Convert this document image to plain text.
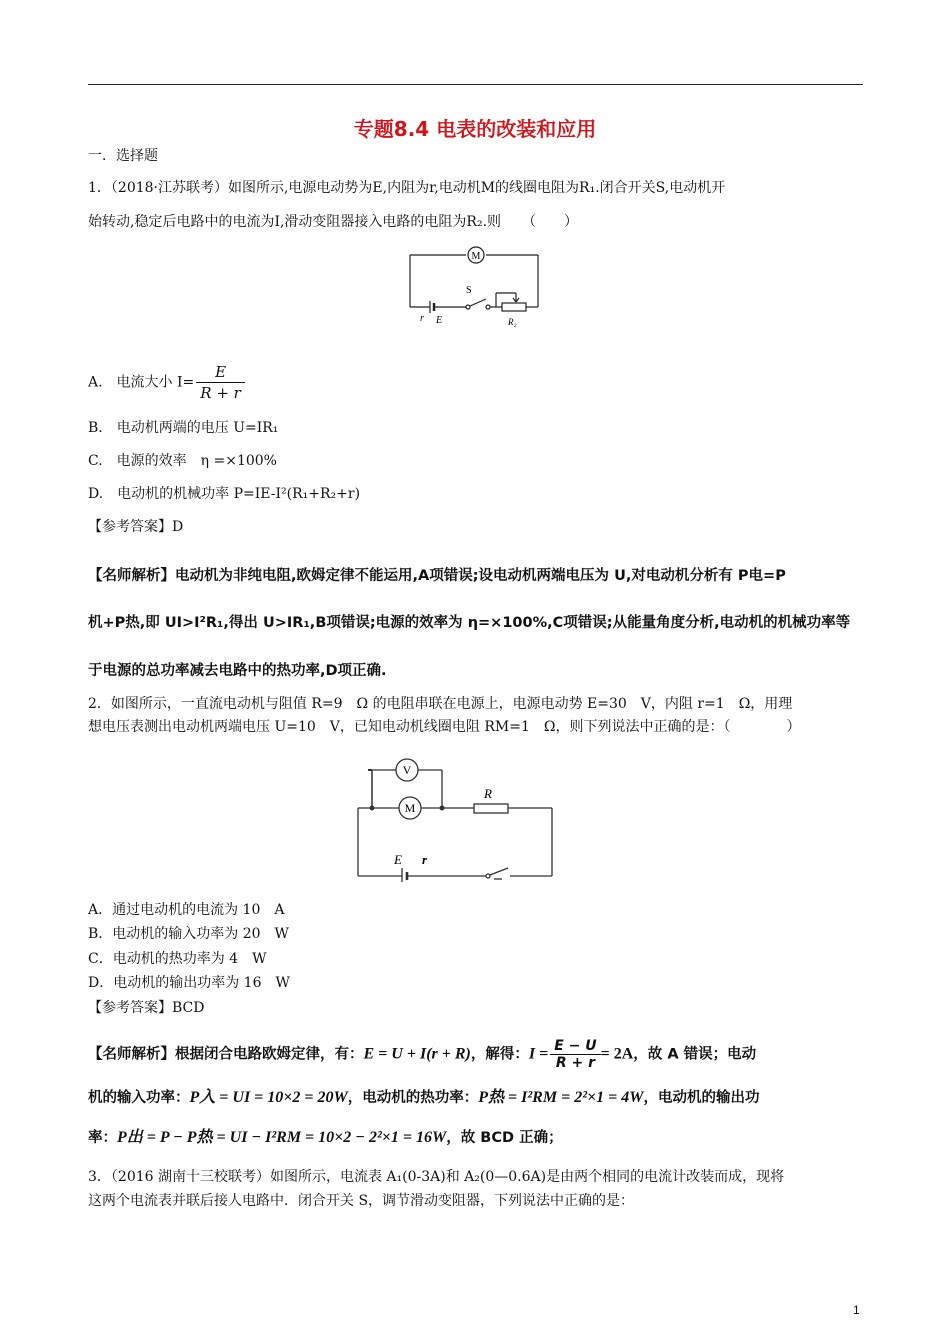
专题8.4 电表的改装和应用
一．选择题
1．（2018·江苏联考）如图所示,电源电动势为E,内阻为r,电动机M的线圈电阻为R₁.闭合开关S,电动机开
始转动,稳定后电路中的电流为I,滑动变阻器接入电路的电阻为R₂.则　　（　　）
M
S
r E	R₂
A.　电流大小 $I= \frac{E}{R + r}$
B.　电动机两端的电压 U=IR₁
C.　电源的效率　η =×100%
D.　电动机的机械功率 P=IE-I²(R₁+R₂+r)
【参考答案】D
【名师解析】电动机为非纯电阻,欧姆定律不能运用,A项错误;设电动机两端电压为 U,对电动机分析有 P电=P
机+P热,即 UI>I²R₁,得出 U>IR₁,B项错误;电源的效率为 η=×100%,C项错误;从能量角度分析,电动机的机械功率等
于电源的总功率减去电路中的热功率,D项正确.
2．如图所示，一直流电动机与阻值 R=9　Ω 的电阻串联在电源上，电源电动势 E=30　V，内阻 r=1　Ω，用理
想电压表测出电动机两端电压 U=10　V，已知电动机线圈电阻 RM=1　Ω，则下列说法中正确的是：（　　　　）
V
M
R
E r
A．通过电动机的电流为 10　A
B．电动机的输入功率为 20　W
C．电动机的热功率为 4　W
D．电动机的输出功率为 16　W
【参考答案】BCD
【名师解析】根据闭合电路欧姆定律，有：E = U + I(r + R)，解得：$I = \frac{E - U}{R + r} = 2A$，故 A 错误；电动
机的输入功率：P入 = UI = 10×2 = 20W，电动机的热功率：P热 = I²RM = 2²×1 = 4W，电动机的输出功
率：P出 = P − P热 = UI − I²RM = 10×2 − 2²×1 = 16W，故 BCD 正确；
3．（2016 湖南十三校联考）如图所示，电流表 A₁(0-3A)和 A₂(0—0.6A)是由两个相同的电流计改装而成，现将
这两个电流表并联后接人电路中．闭合开关 S，调节滑动变阻器，下列说法中正确的是：
1
